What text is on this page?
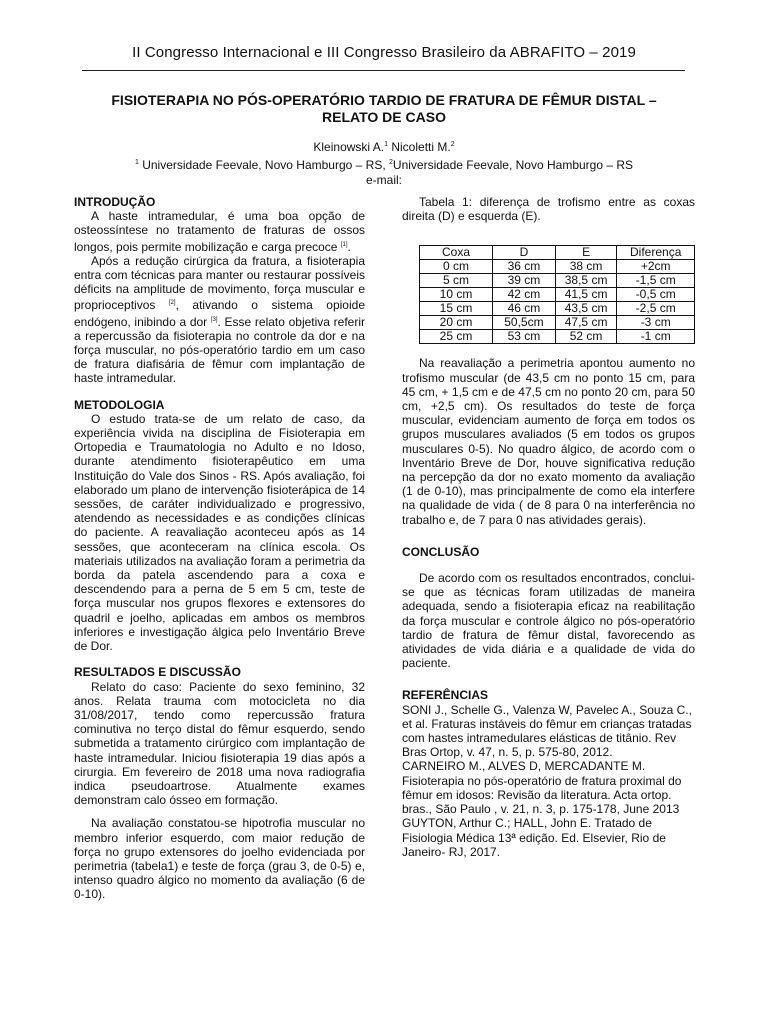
II Congresso Internacional e III Congresso Brasileiro da ABRAFITO – 2019
FISIOTERAPIA NO PÓS-OPERATÓRIO TARDIO DE FRATURA DE FÊMUR DISTAL –
RELATO DE CASO
Kleinowski A.$^1$ Nicoletti M.$^2$
$^1$ Universidade Feevale, Novo Hamburgo – RS, $^2$Universidade Feevale, Novo Hamburgo – RS
e-mail:
INTRODUÇÃO

A haste intramedular, é uma boa opção de osteossíntese no tratamento de fraturas de ossos longos, pois permite mobilização e carga precoce [1].

Após a redução cirúrgica da fratura, a fisioterapia entra com técnicas para manter ou restaurar possíveis déficits na amplitude de movimento, força muscular e proprioceptivos [2], ativando o sistema opioide endógeno, inibindo a dor [3]. Esse relato objetiva referir a repercussão da fisioterapia no controle da dor e na força muscular, no pós-operatório tardio em um caso de fratura diafisária de fêmur com implantação de haste intramedular.

METODOLOGIA

O estudo trata-se de um relato de caso, da experiência vivida na disciplina de Fisioterapia em Ortopedia e Traumatologia no Adulto e no Idoso, durante atendimento fisioterapêutico em uma Instituição do Vale dos Sinos - RS. Após avaliação, foi elaborado um plano de intervenção fisioterápica de 14 sessões, de caráter individualizado e progressivo, atendendo as necessidades e as condições clínicas do paciente. A reavaliação aconteceu após as 14 sessões, que aconteceram na clínica escola. Os materiais utilizados na avaliação foram a perimetria da borda da patela ascendendo para a coxa e descendendo para a perna de 5 em 5 cm, teste de força muscular nos grupos flexores e extensores do quadril e joelho, aplicadas em ambos os membros inferiores e investigação álgica pelo Inventário Breve de Dor.

RESULTADOS E DISCUSSÃO

Relato do caso: Paciente do sexo feminino, 32 anos. Relata trauma com motocicleta no dia 31/08/2017, tendo como repercussão fratura cominutiva no terço distal do fêmur esquerdo, sendo submetida a tratamento cirúrgico com implantação de haste intramedular. Iniciou fisioterapia 19 dias após a cirurgia. Em fevereiro de 2018 uma nova radiografia indica pseudoartrose. Atualmente exames demonstram calo ósseo em formação.

Na avaliação constatou-se hipotrofia muscular no membro inferior esquerdo, com maior redução de força no grupo extensores do joelho evidenciada por perimetria (tabela1) e teste de força (grau 3, de 0-5) e, intenso quadro álgico no momento da avaliação (6 de 0-10).

Tabela 1: diferença de trofismo entre as coxas direita (D) e esquerda (E).

Coxa	D	E	Diferença
0 cm	36 cm	38 cm	+2cm
5 cm	39 cm	38,5 cm	-1,5 cm
10 cm	42 cm	41,5 cm	-0,5 cm
15 cm	46 cm	43,5 cm	-2,5 cm
20 cm	50,5cm	47,5 cm	-3 cm
25 cm	53 cm	52 cm	-1 cm

Na reavaliação a perimetria apontou aumento no trofismo muscular (de 43,5 cm no ponto 15 cm, para 45 cm, + 1,5 cm e de 47,5 cm no ponto 20 cm, para 50 cm, +2,5 cm). Os resultados do teste de força muscular, evidenciam aumento de força em todos os grupos musculares avaliados (5 em todos os grupos musculares 0-5). No quadro álgico, de acordo com o Inventário Breve de Dor, houve significativa redução na percepção da dor no exato momento da avaliação (1 de 0-10), mas principalmente de como ela interfere na qualidade de vida ( de 8 para 0 na interferência no trabalho e, de 7 para 0 nas atividades gerais).

CONCLUSÃO

De acordo com os resultados encontrados, conclui-se que as técnicas foram utilizadas de maneira adequada, sendo a fisioterapia eficaz na reabilitação da força muscular e controle álgico no pós-operatório tardio de fratura de fêmur distal, favorecendo as atividades de vida diária e a qualidade de vida do paciente.

REFERÊNCIAS

SONI J., Schelle G., Valenza W, Pavelec A., Souza C., et al. Fraturas instáveis do fêmur em crianças tratadas com hastes intramedulares elásticas de titânio. Rev Bras Ortop, v. 47, n. 5, p. 575-80, 2012.

CARNEIRO M., ALVES D, MERCADANTE M. Fisioterapia no pós-operatório de fratura proximal do fêmur em idosos: Revisão da literatura. Acta ortop. bras., São Paulo , v. 21, n. 3, p. 175-178, June 2013

GUYTON, Arthur C.; HALL, John E. Tratado de Fisiologia Médica 13ª edição. Ed. Elsevier, Rio de Janeiro- RJ, 2017.
